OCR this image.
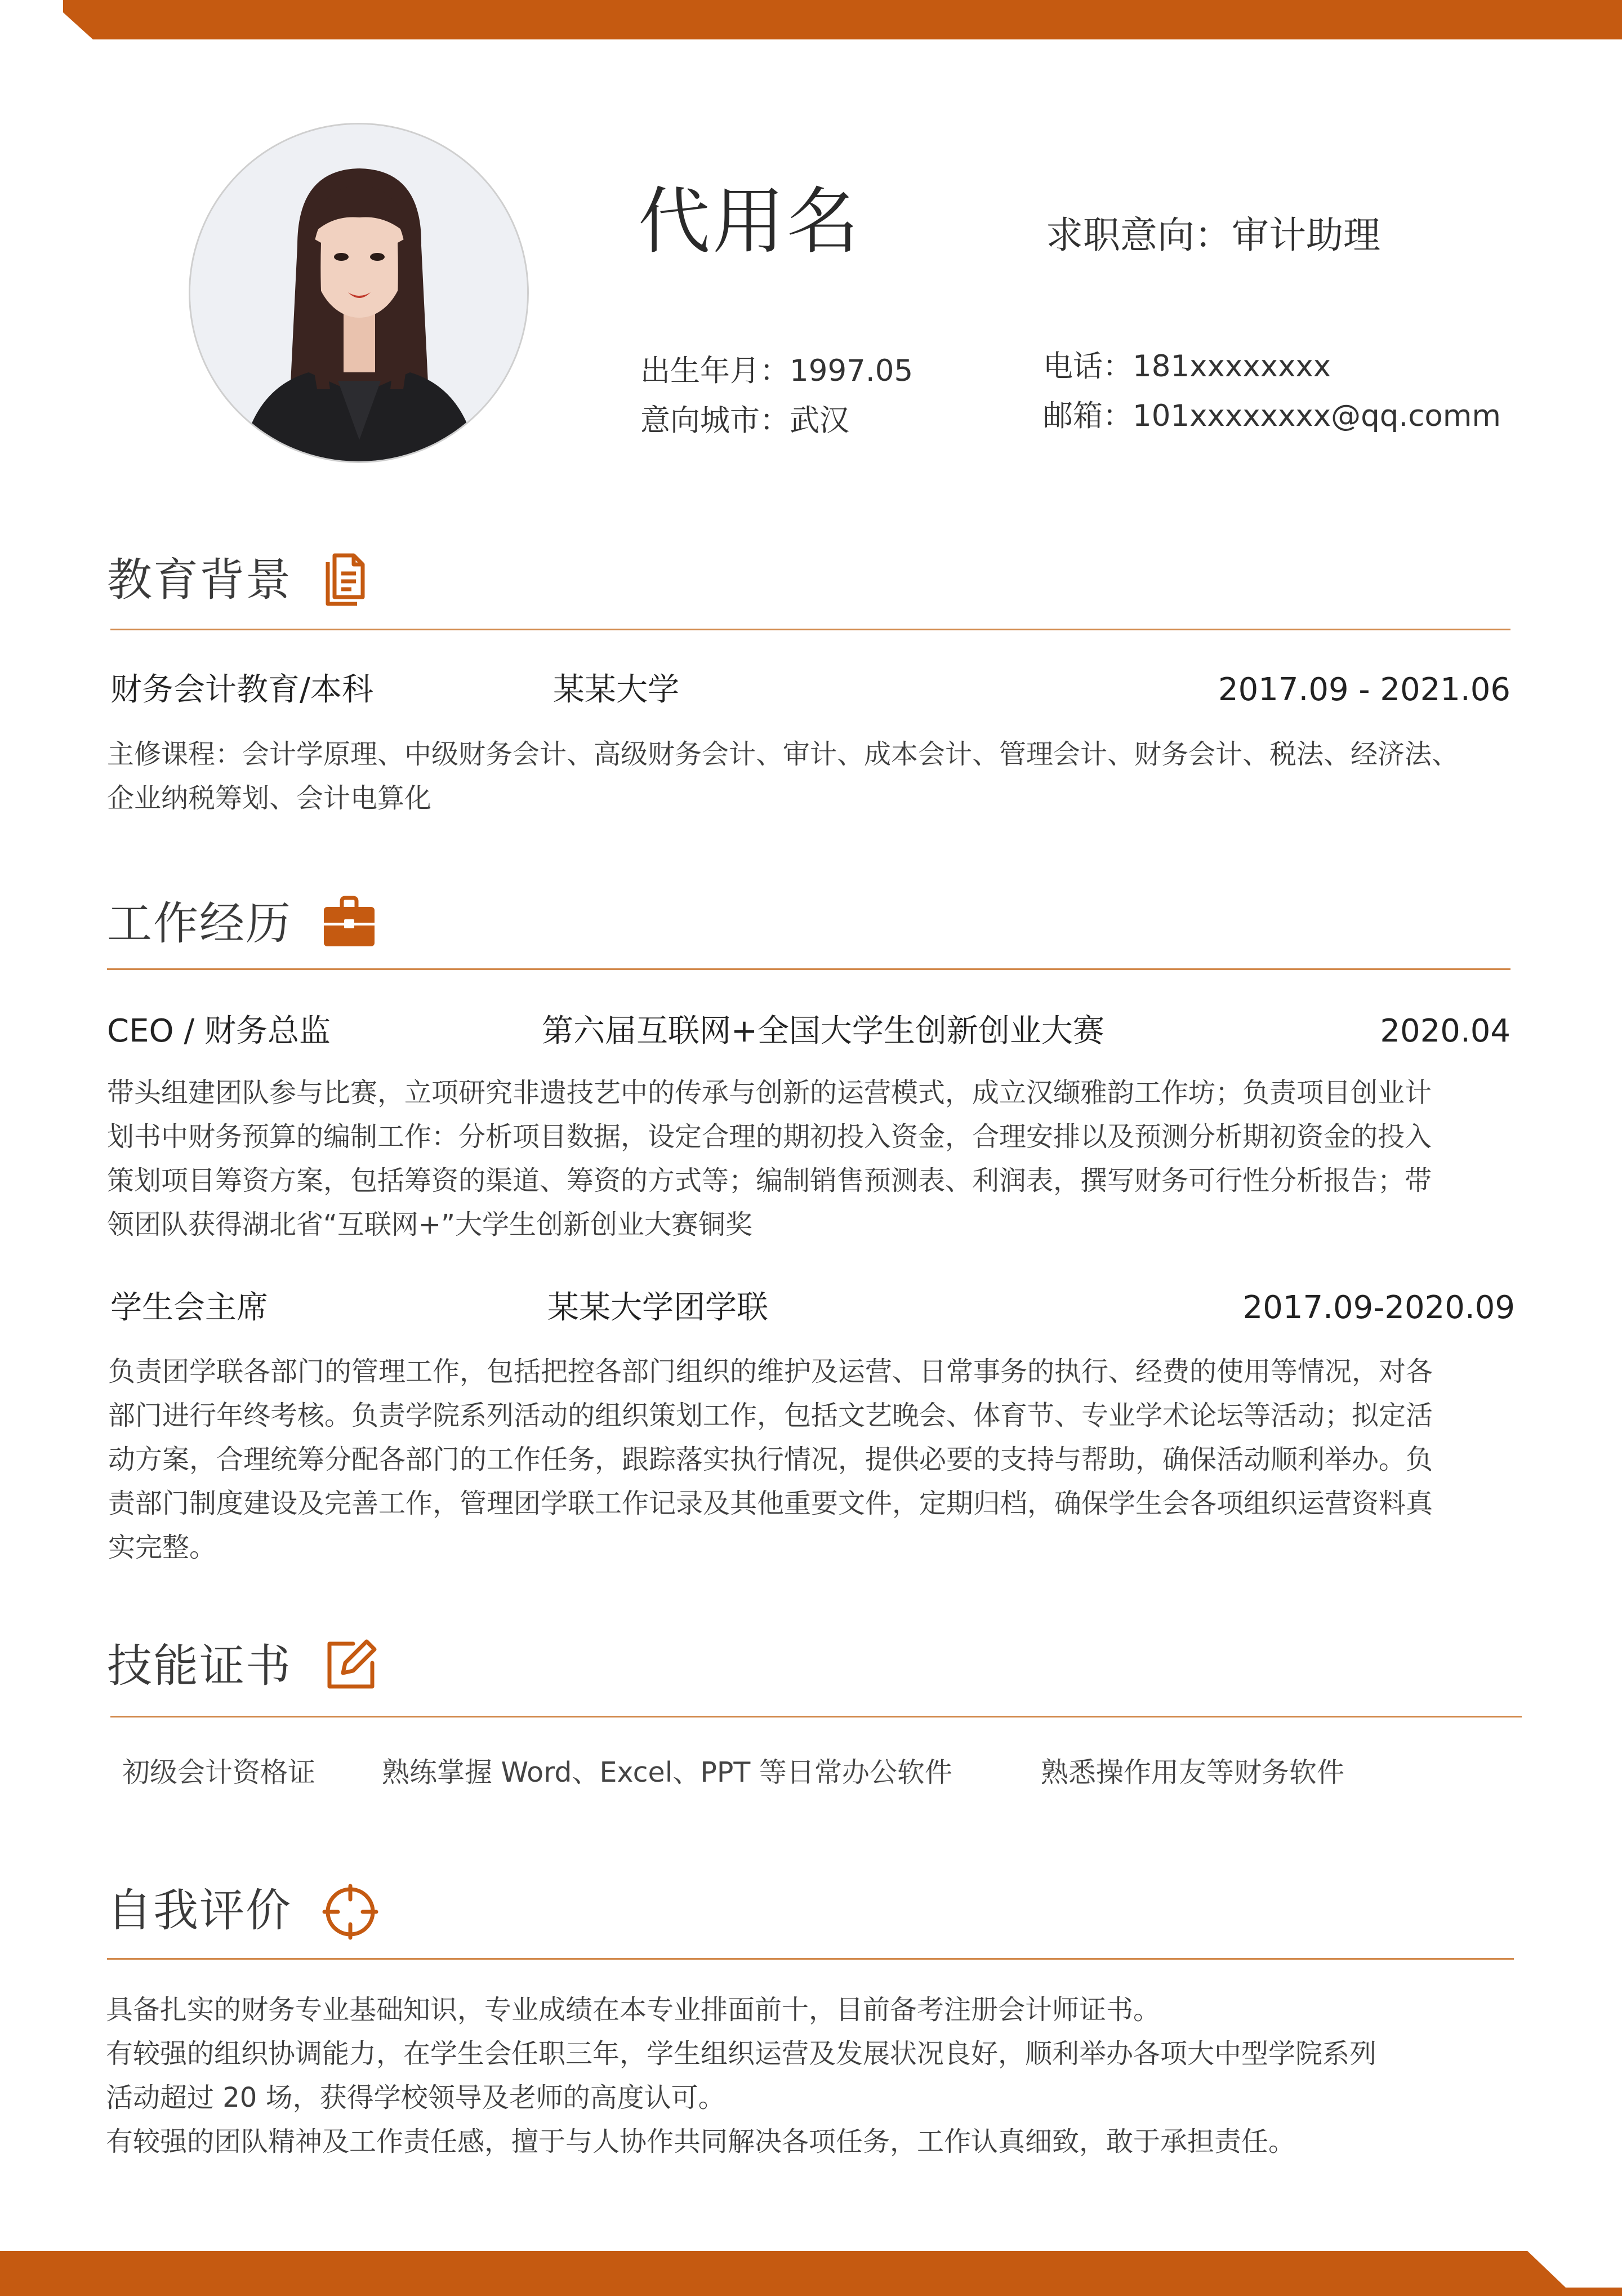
代用名	求职意向：审计助理
出生年月：1997.05
意向城市：武汉
电话：181xxxxxxxx
邮箱：101xxxxxxxx@qq.comm
教育背景
财务会计教育/本科	某某大学	2017.09 - 2021.06
主修课程：会计学原理、中级财务会计、高级财务会计、审计、成本会计、管理会计、财务会计、税法、经济法、
企业纳税筹划、会计电算化
工作经历
CEO / 财务总监	第六届互联网+全国大学生创新创业大赛	2020.04
带头组建团队参与比赛，立项研究非遗技艺中的传承与创新的运营模式，成立汉缬雅韵工作坊；负责项目创业计
划书中财务预算的编制工作：分析项目数据，设定合理的期初投入资金，合理安排以及预测分析期初资金的投入
策划项目筹资方案，包括筹资的渠道、筹资的方式等；编制销售预测表、利润表，撰写财务可行性分析报告；带
领团队获得湖北省“互联网+”大学生创新创业大赛铜奖
学生会主席	某某大学团学联	2017.09-2020.09
负责团学联各部门的管理工作，包括把控各部门组织的维护及运营、日常事务的执行、经费的使用等情况，对各
部门进行年终考核。负责学院系列活动的组织策划工作，包括文艺晚会、体育节、专业学术论坛等活动；拟定活
动方案，合理统筹分配各部门的工作任务，跟踪落实执行情况，提供必要的支持与帮助，确保活动顺利举办。负
责部门制度建设及完善工作，管理团学联工作记录及其他重要文件，定期归档，确保学生会各项组织运营资料真
实完整。
技能证书
初级会计资格证 熟练掌握 Word、Excel、PPT 等日常办公软件	熟悉操作用友等财务软件
自我评价
具备扎实的财务专业基础知识，专业成绩在本专业排面前十，目前备考注册会计师证书。
有较强的组织协调能力，在学生会任职三年，学生组织运营及发展状况良好，顺利举办各项大中型学院系列
活动超过 20 场，获得学校领导及老师的高度认可。
有较强的团队精神及工作责任感，擅于与人协作共同解决各项任务，工作认真细致，敢于承担责任。
